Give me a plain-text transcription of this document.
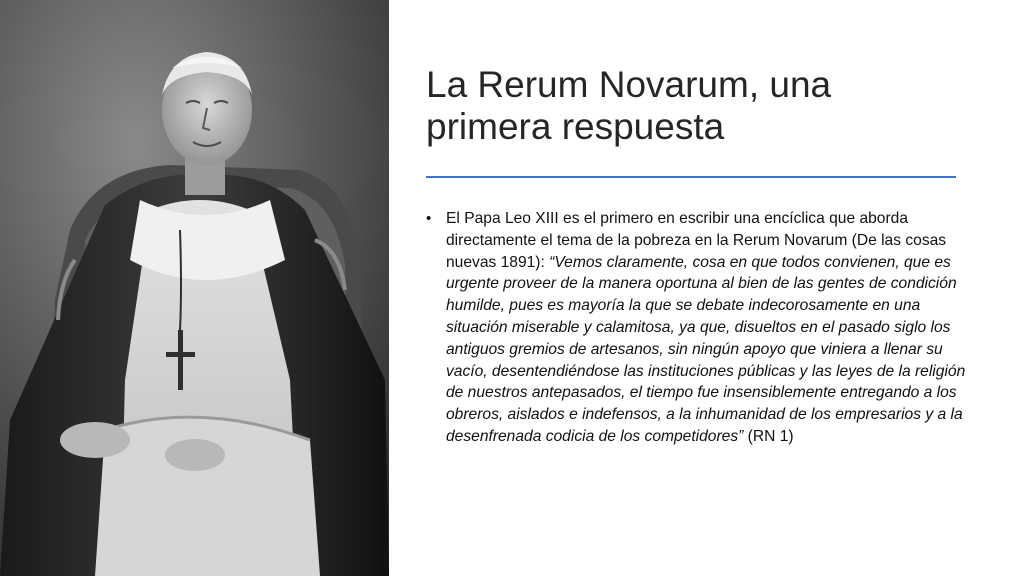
La Rerum Novarum, una
primera respuesta
• El Papa Leo XIII es el primero en escribir una encíclica que aborda directamente el tema de la pobreza en la Rerum Novarum (De las cosas nuevas 1891): “Vemos claramente, cosa en que todos convienen, que es urgente proveer de la manera oportuna al bien de las gentes de condición humilde, pues es mayoría la que se debate indecorosamente en una situación miserable y calamitosa, ya que, disueltos en el pasado siglo los antiguos gremios de artesanos, sin ningún apoyo que viniera a llenar su vacío, desentendiéndose las instituciones públicas y las leyes de la religión de nuestros antepasados, el tiempo fue insensiblemente entregando a los obreros, aislados e indefensos, a la inhumanidad de los empresarios y a la desenfrenada codicia de los competidores” (RN 1)
